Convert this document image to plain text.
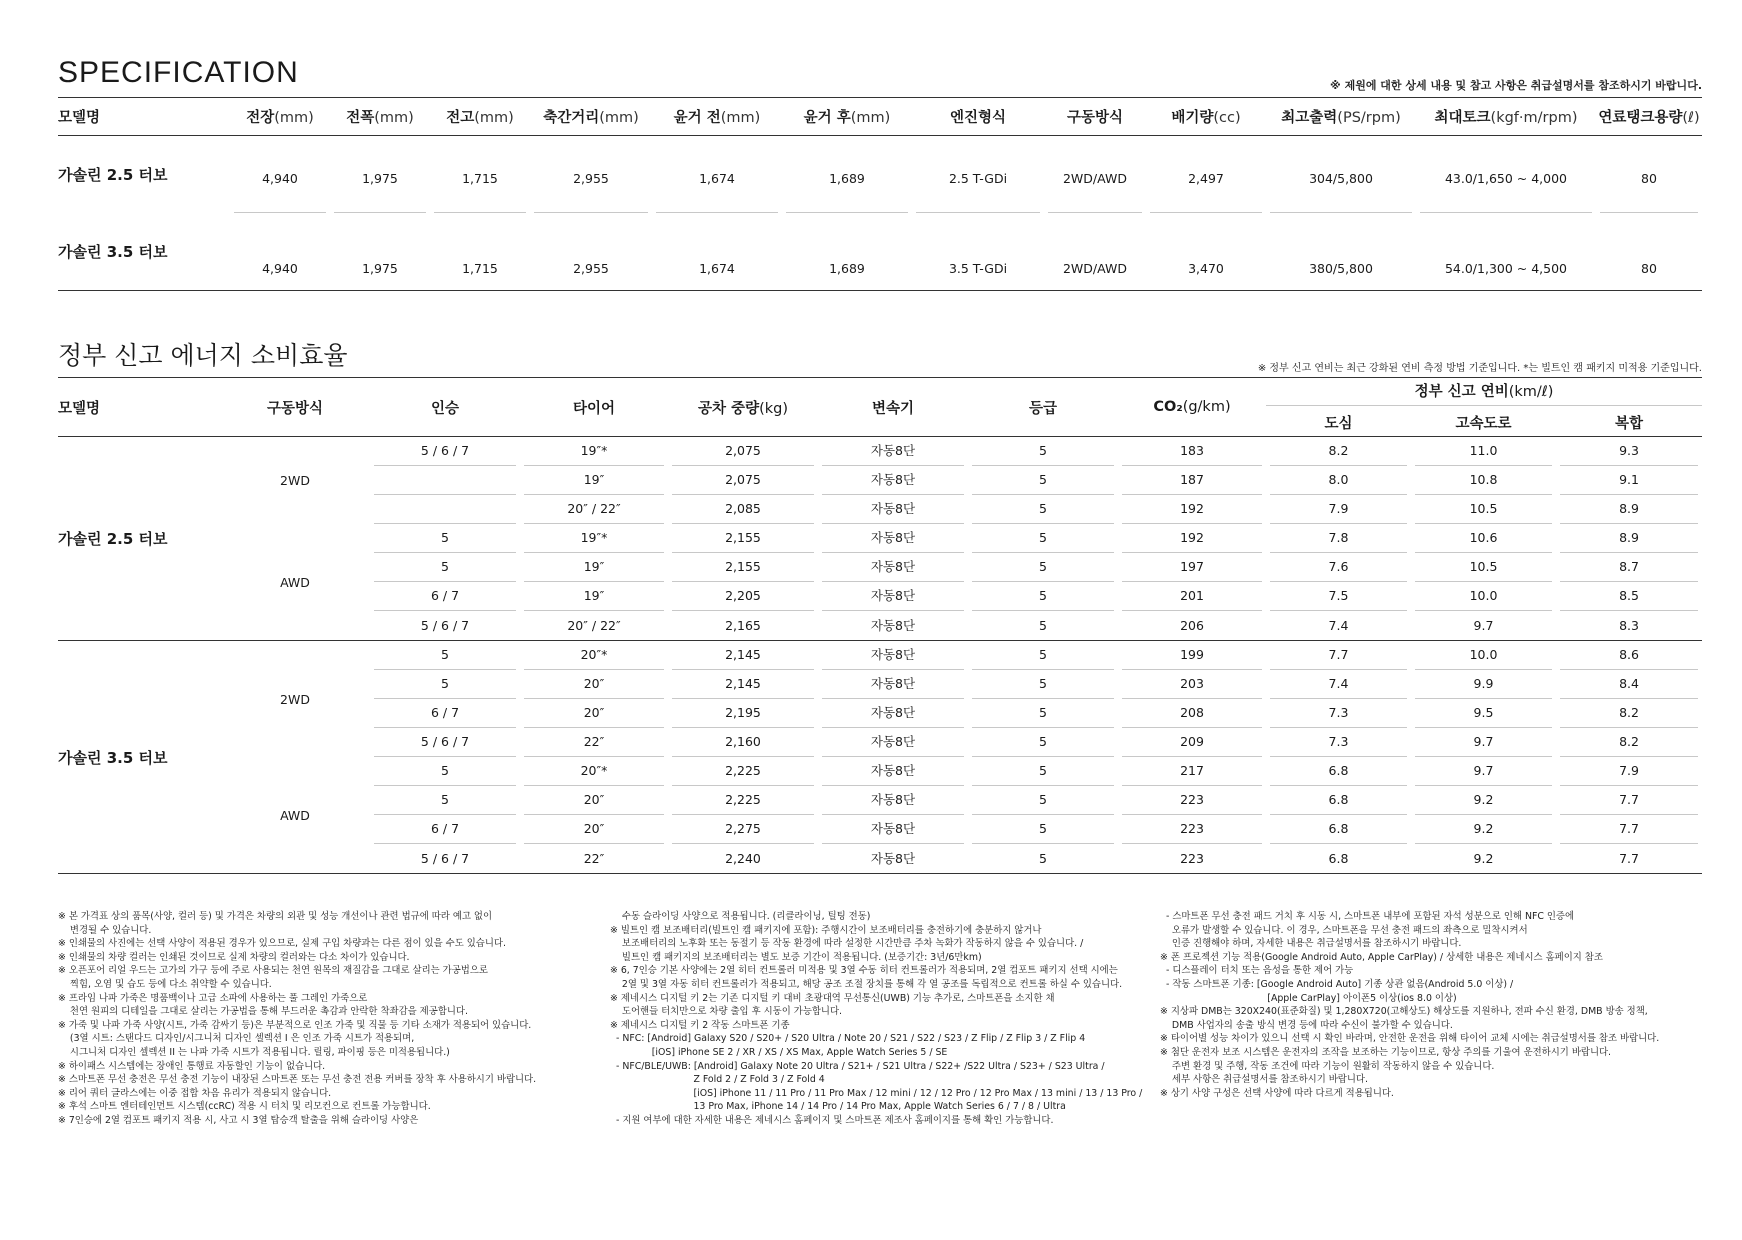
SPECIFICATION	※ 제원에 대한 상세 내용 및 참고 사항은 취급설명서를 참조하시기 바랍니다.
모델명	전장(mm)	전폭(mm)	전고(mm)	축간거리(mm)	윤거 전(mm)	윤거 후(mm)	엔진형식	구동방식	배기량(cc)	최고출력(PS/rpm)	최대토크(kgf·m/rpm)	연료탱크용량(ℓ)
가솔린 2.5 터보	4,940	1,975	1,715	2,955	1,674	1,689	2.5 T-GDi	2WD/AWD	2,497	304/5,800	43.0/1,650 ~ 4,000	80

가솔린 3.5 터보	4,940	1,975	1,715	2,955	1,674	1,689	3.5 T-GDi	2WD/AWD	3,470	380/5,800	54.0/1,300 ~ 4,500	80
정부 신고 에너지 소비효율	※ 정부 신고 연비는 최근 강화된 연비 측정 방법 기준입니다. *는 빌트인 캠 패키지 미적용 기준입니다.
모델명	구동방식	인승	타이어	공차 중량(kg)	변속기	등급	CO₂(g/km)	정부 신고 연비(km/ℓ)		

								도심	고속도로	복합
가솔린 2.5 터보	2WD	5 / 6 / 7	19″*	2,075	자동8단	5	183	8.2	11.0	9.3

			19″	2,075	자동8단	5	187	8.0	10.8	9.1

			20″ / 22″	2,085	자동8단	5	192	7.9	10.5	8.9

	AWD	5	19″*	2,155	자동8단	5	192	7.8	10.6	8.9

		5	19″	2,155	자동8단	5	197	7.6	10.5	8.7

		6 / 7	19″	2,205	자동8단	5	201	7.5	10.0	8.5

		5 / 6 / 7	20″ / 22″	2,165	자동8단	5	206	7.4	9.7	8.3

가솔린 3.5 터보	2WD	5	20″*	2,145	자동8단	5	199	7.7	10.0	8.6

		5	20″	2,145	자동8단	5	203	7.4	9.9	8.4

		6 / 7	20″	2,195	자동8단	5	208	7.3	9.5	8.2

		5 / 6 / 7	22″	2,160	자동8단	5	209	7.3	9.7	8.2

	AWD	5	20″*	2,225	자동8단	5	217	6.8	9.7	7.9

		5	20″	2,225	자동8단	5	223	6.8	9.2	7.7

		6 / 7	20″	2,275	자동8단	5	223	6.8	9.2	7.7

		5 / 6 / 7	22″	2,240	자동8단	5	223	6.8	9.2	7.7
※ 본 가격표 상의 품목(사양, 컬러 등) 및 가격은 차량의 외관 및 성능 개선이나 관련 법규에 따라 예고 없이
변경될 수 있습니다.
※ 인쇄물의 사진에는 선택 사양이 적용된 경우가 있으므로, 실제 구입 차량과는 다른 점이 있을 수도 있습니다.
※ 인쇄물의 차량 컬러는 인쇄된 것이므로 실제 차량의 컬러와는 다소 차이가 있습니다.
※ 오픈포어 리얼 우드는 고가의 가구 등에 주로 사용되는 천연 원목의 재질감을 그대로 살리는 가공법으로
찍힘, 오염 및 습도 등에 다소 취약할 수 있습니다.
※ 프라임 나파 가죽은 명품백이나 고급 소파에 사용하는 풀 그레인 가죽으로
천연 원피의 디테일을 그대로 살리는 가공법을 통해 부드러운 촉감과 안락한 착좌감을 제공합니다.
※ 가죽 및 나파 가죽 사양(시트, 가죽 감싸기 등)은 부분적으로 인조 가죽 및 직물 등 기타 소재가 적용되어 있습니다.
(3열 시트: 스탠다드 디자인/시그니처 디자인 셀렉션 I 은 인조 가죽 시트가 적용되며,
시그니처 디자인 셀렉션 II 는 나파 가죽 시트가 적용됩니다. 릴링, 파이핑 등은 미적용됩니다.)
※ 하이패스 시스템에는 장애인 통행료 자동할인 기능이 없습니다.
※ 스마트폰 무선 충전은 무선 충전 기능이 내장된 스마트폰 또는 무선 충전 전용 커버를 장착 후 사용하시기 바랍니다.
※ 리어 쿼터 글라스에는 이중 접합 차음 유리가 적용되지 않습니다.
※ 후석 스마트 엔터테인먼트 시스템(ccRC) 적용 시 터치 및 리모컨으로 컨트롤 가능합니다.
※ 7인승에 2열 컴포트 패키지 적용 시, 사고 시 3열 탑승객 탈출을 위해 슬라이딩 사양은
수동 슬라이딩 사양으로 적용됩니다. (리클라이닝, 틸팅 전동)
※ 빌트인 캠 보조배터리(빌트인 캠 패키지에 포함): 주행시간이 보조배터리를 충전하기에 충분하지 않거나
보조배터리의 노후화 또는 동절기 등 작동 환경에 따라 설정한 시간만큼 주차 녹화가 작동하지 않을 수 있습니다. /
빌트인 캠 패키지의 보조배터리는 별도 보증 기간이 적용됩니다. (보증기간: 3년/6만km)
※ 6, 7인승 기본 사양에는 2열 히터 컨트롤러 미적용 및 3열 수동 히터 컨트롤러가 적용되며, 2열 컴포트 패키지 선택 시에는
2열 및 3열 자동 히터 컨트롤러가 적용되고, 해당 공조 조절 장치를 통해 각 열 공조를 독립적으로 컨트롤 하실 수 있습니다.
※ 제네시스 디지털 키 2는 기존 디지털 키 대비 초광대역 무선통신(UWB) 기능 추가로, 스마트폰을 소지한 채
도어핸들 터치만으로 차량 출입 후 시동이 가능합니다.
※ 제네시스 디지털 키 2 작동 스마트폰 기종
- NFC: [Android] Galaxy S20 / S20+ / S20 Ultra / Note 20 / S21 / S22 / S23 / Z Flip / Z Flip 3 / Z Flip 4
[iOS] iPhone SE 2 / XR / XS / XS Max, Apple Watch Series 5 / SE
- NFC/BLE/UWB: [Android] Galaxy Note 20 Ultra / S21+ / S21 Ultra / S22+ /S22 Ultra / S23+ / S23 Ultra /
Z Fold 2 / Z Fold 3 / Z Fold 4
[iOS] iPhone 11 / 11 Pro / 11 Pro Max / 12 mini / 12 / 12 Pro / 12 Pro Max / 13 mini / 13 / 13 Pro /
13 Pro Max, iPhone 14 / 14 Pro / 14 Pro Max, Apple Watch Series 6 / 7 / 8 / Ultra
- 지원 여부에 대한 자세한 내용은 제네시스 홈페이지 및 스마트폰 제조사 홈페이지를 통해 확인 가능합니다.
- 스마트폰 무선 충전 패드 거치 후 시동 시, 스마트폰 내부에 포함된 자석 성분으로 인해 NFC 인증에
오류가 발생할 수 있습니다. 이 경우, 스마트폰을 무선 충전 패드의 좌측으로 밀착시켜서
인증 진행해야 하며, 자세한 내용은 취급설명서를 참조하시기 바랍니다.
※ 폰 프로젝션 기능 적용(Google Android Auto, Apple CarPlay) / 상세한 내용은 제네시스 홈페이지 참조
- 디스플레이 터치 또는 음성을 통한 제어 가능
- 작동 스마트폰 기종: [Google Android Auto] 기종 상관 없음(Android 5.0 이상) /
[Apple CarPlay] 아이폰5 이상(ios 8.0 이상)
※ 지상파 DMB는 320X240(표준화질) 및 1,280X720(고해상도) 해상도를 지원하나, 전파 수신 환경, DMB 방송 정책,
DMB 사업자의 송출 방식 변경 등에 따라 수신이 불가할 수 있습니다.
※ 타이어별 성능 차이가 있으니 선택 시 확인 바라며, 안전한 운전을 위해 타이어 교체 시에는 취급설명서를 참조 바랍니다.
※ 첨단 운전자 보조 시스템은 운전자의 조작을 보조하는 기능이므로, 항상 주의를 기울여 운전하시기 바랍니다.
주변 환경 및 주행, 작동 조건에 따라 기능이 원활히 작동하지 않을 수 있습니다.
세부 사항은 취급설명서를 참조하시기 바랍니다.
※ 상기 사양 구성은 선택 사양에 따라 다르게 적용됩니다.
